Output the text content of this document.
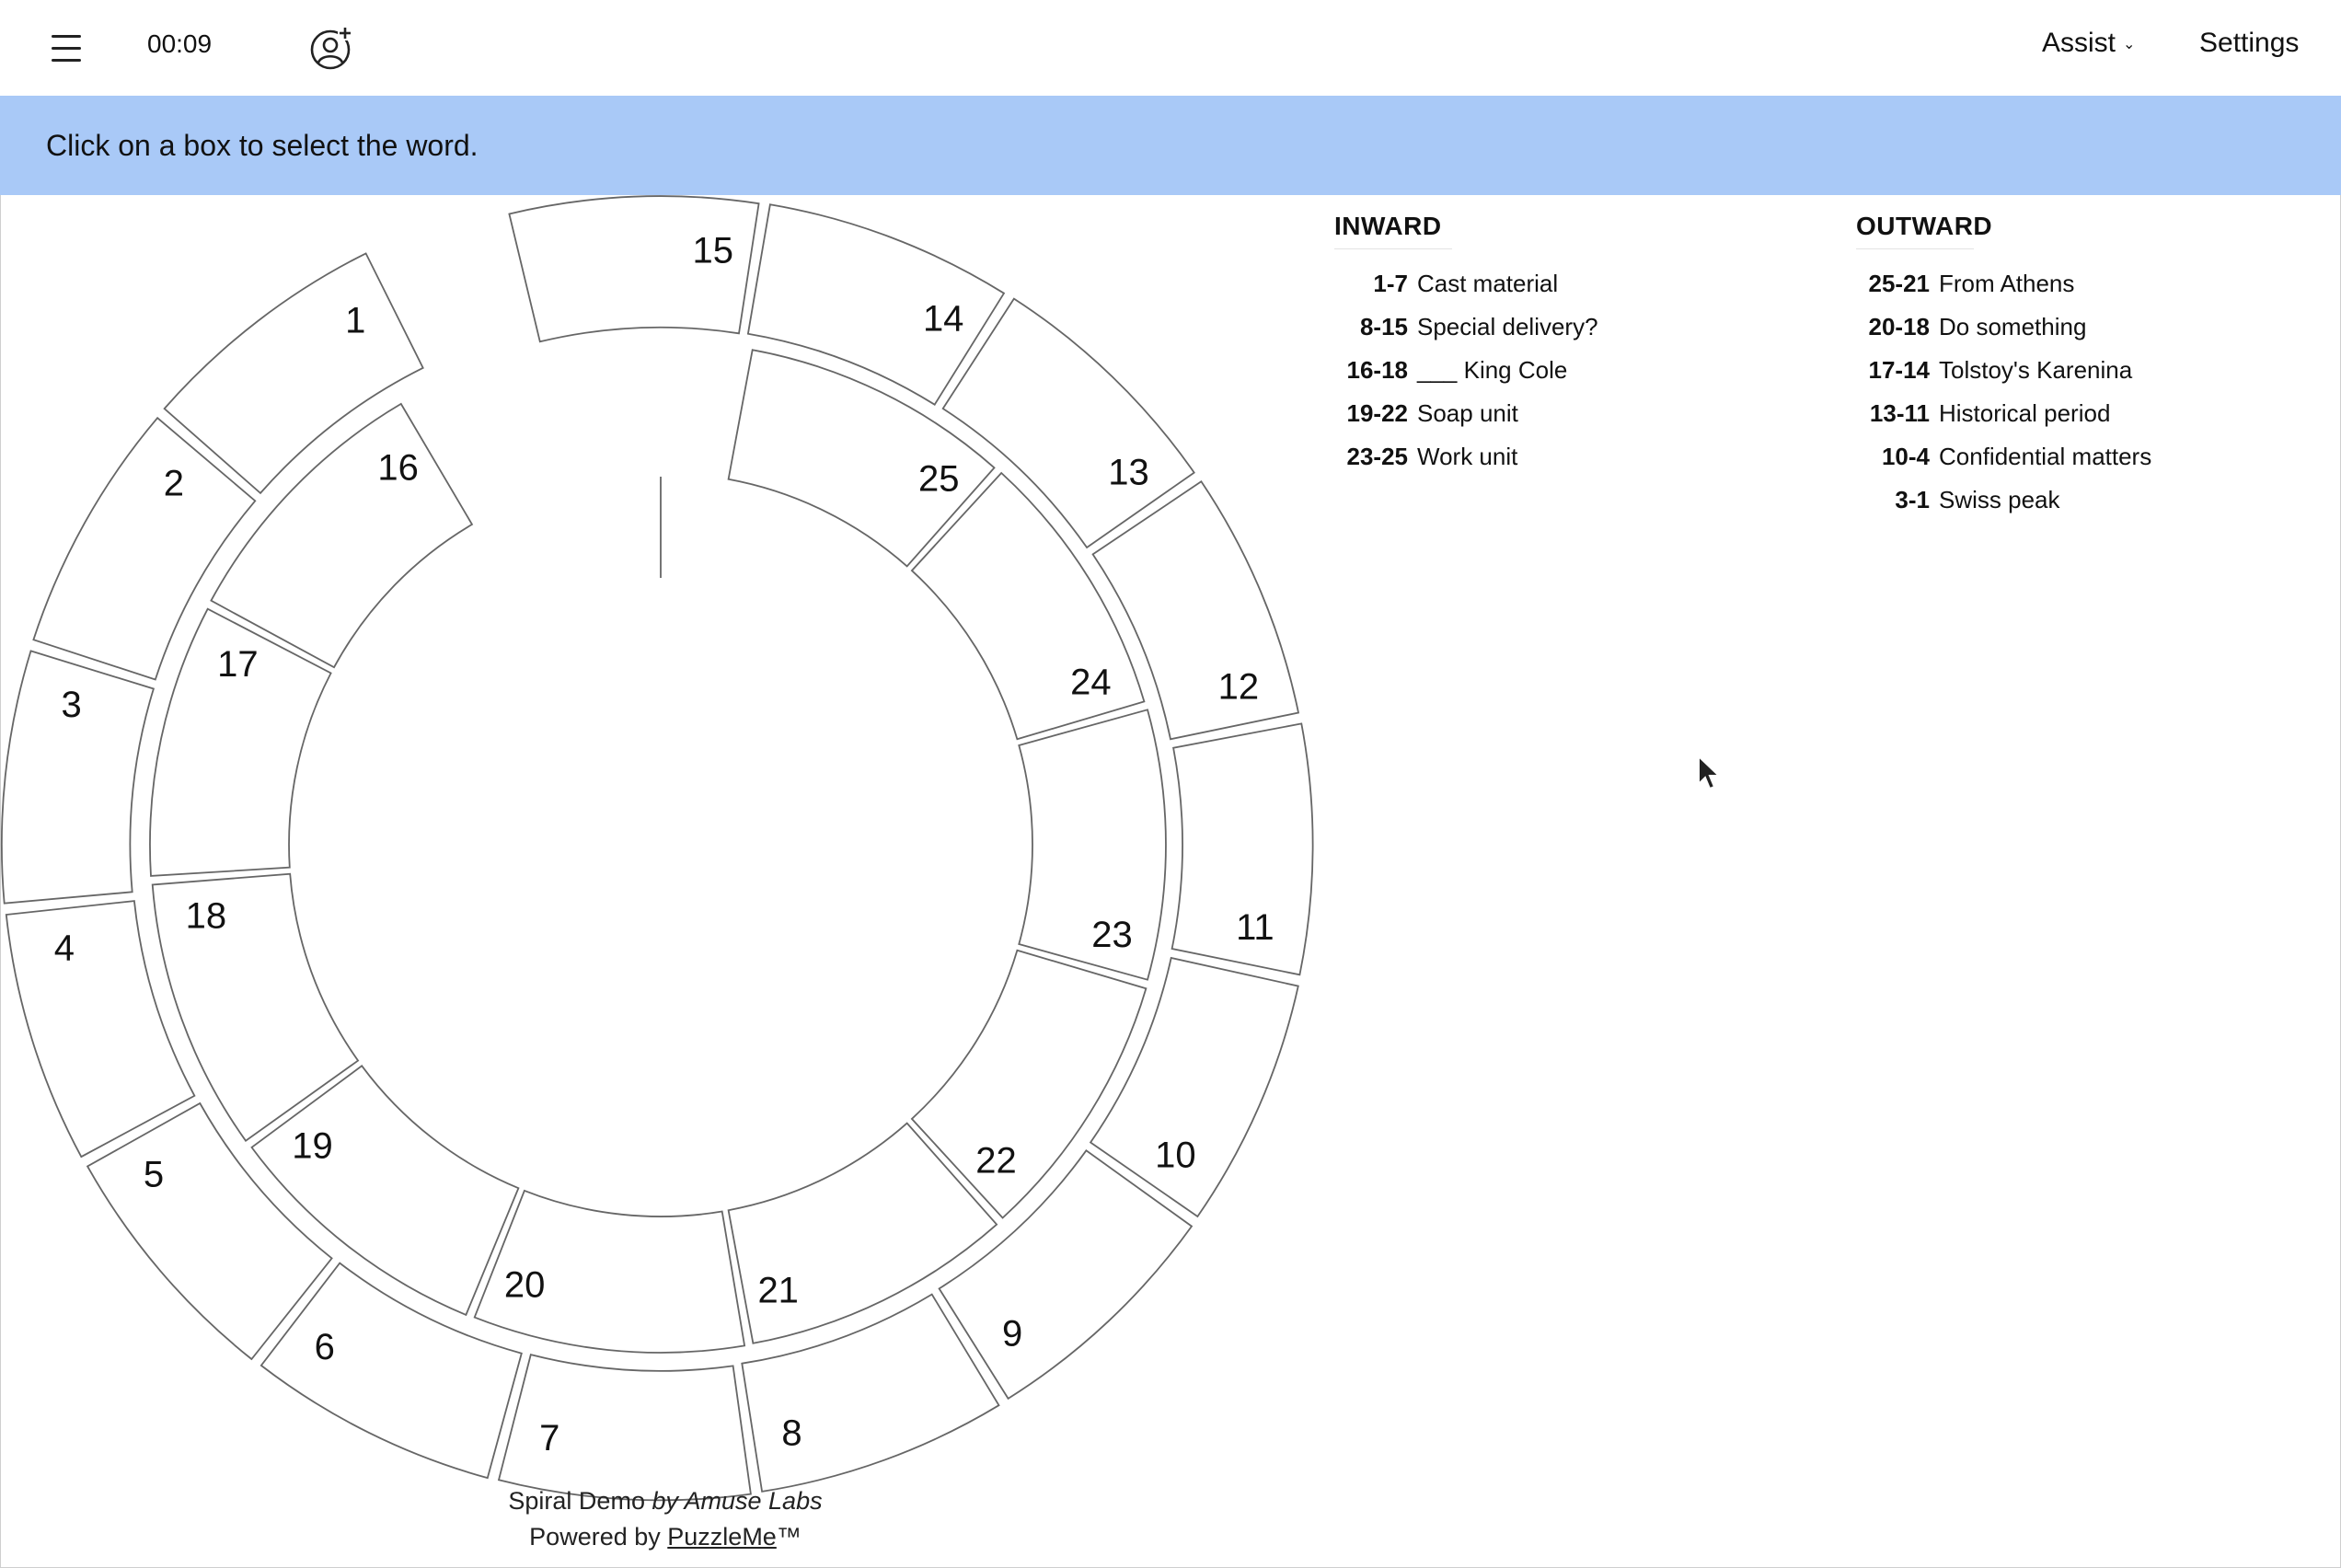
00:09	Assist ⌄ Settings
Click on a box to select the word.
1
2
3
4
5
6
7	8
9
10
11
12
13
14
15
16
17
18
19
20	21
22
23
24
25
INWARD
1-7 Cast material
8-15 Special delivery?
16-18 ___ King Cole
19-22 Soap unit
23-25 Work unit
OUTWARD
25-21 From Athens
20-18 Do something
17-14 Tolstoy's Karenina
13-11 Historical period
10-4 Confidential matters
3-1 Swiss peak
Spiral Demo by Amuse Labs
Powered by PuzzleMe™
